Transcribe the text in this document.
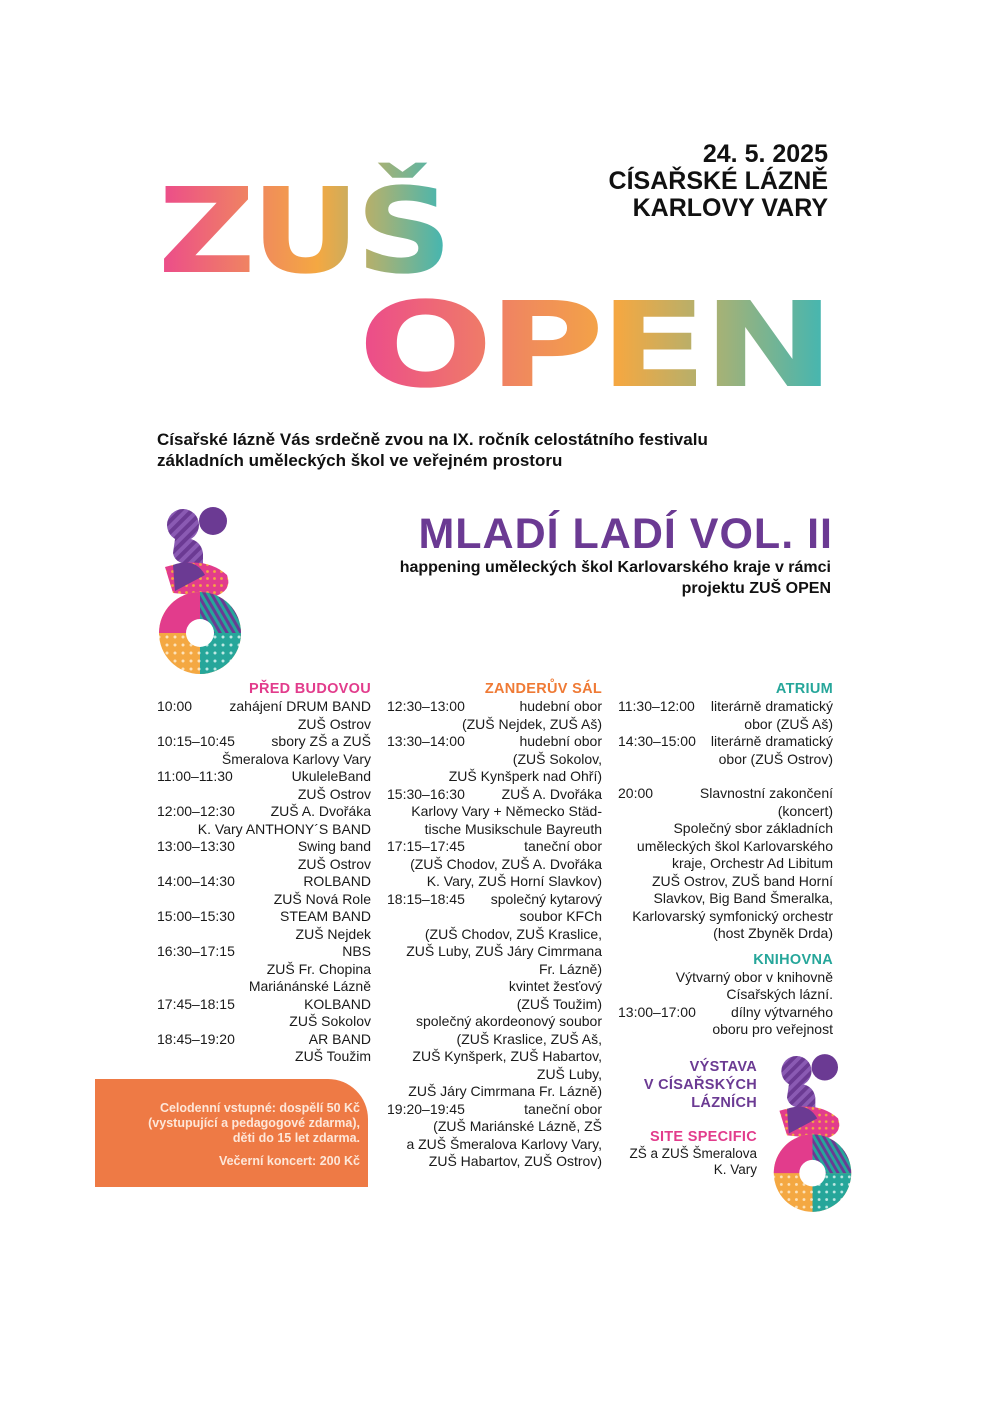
24. 5. 2025
CÍSAŘSKÉ LÁZNĚ
KARLOVY VARY
ZUŠ
OPEN
Císařské lázně Vás srdečně zvou na IX. ročník celostátního festivalu
základních uměleckých škol ve veřejném prostoru
MLADÍ LADÍ VOL. II
happening uměleckých škol Karlovarského kraje v rámci
projektu ZUŠ OPEN
PŘED BUDOVOU
10:00	zahájení DRUM BAND
ZUŠ Ostrov
10:15–10:45	sbory ZŠ a ZUŠ
Šmeralova Karlovy Vary
11:00–11:30	UkuleleBand
ZUŠ Ostrov
12:00–12:30	ZUŠ A. Dvořáka
K. Vary ANTHONY´S BAND
13:00–13:30	Swing band
ZUŠ Ostrov
14:00–14:30	ROLBAND
ZUŠ Nová Role
15:00–15:30	STEAM BAND
ZUŠ Nejdek
16:30–17:15	NBS
ZUŠ Fr. Chopina
Mariánánské Lázně
17:45–18:15	KOLBAND
ZUŠ Sokolov
18:45–19:20	AR BAND
ZUŠ Toužim
ZANDERŮV SÁL
12:30–13:00	hudební obor
(ZUŠ Nejdek, ZUŠ Aš)
13:30–14:00	hudební obor
(ZUŠ Sokolov,
ZUŠ Kynšperk nad Ohří)
15:30–16:30	ZUŠ A. Dvořáka
Karlovy Vary + Německo Städ-
tische Musikschule Bayreuth
17:15–17:45	taneční obor
(ZUŠ Chodov, ZUŠ A. Dvořáka
K. Vary, ZUŠ Horní Slavkov)
18:15–18:45 společný kytarový
soubor KFCh
(ZUŠ Chodov, ZUŠ Kraslice,
ZUŠ Luby, ZUŠ Járy Cimrmana
Fr. Lázně)
kvintet žesťový
(ZUŠ Toužim)
společný akordeonový soubor
(ZUŠ Kraslice, ZUŠ Aš,
ZUŠ Kynšperk, ZUŠ Habartov,
ZUŠ Luby,
ZUŠ Járy Cimrmana Fr. Lázně)
19:20–19:45	taneční obor
(ZUŠ Mariánské Lázně, ZŠ
a ZUŠ Šmeralova Karlovy Vary,
ZUŠ Habartov, ZUŠ Ostrov)
ATRIUM
11:30–12:00 literárně dramatický
obor (ZUŠ Aš)
14:30–15:00 literárně dramatický
obor (ZUŠ Ostrov)
20:00	Slavnostní zakončení
(koncert)
Společný sbor základních
uměleckých škol Karlovarského
kraje, Orchestr Ad Libitum
ZUŠ Ostrov, ZUŠ band Horní
Slavkov, Big Band Šmeralka,
Karlovarský symfonický orchestr
(host Zbyněk Drda)
KNIHOVNA
Výtvarný obor v knihovně
Císařských lázní.
13:00–17:00	dílny výtvarného
oboru pro veřejnost
Celodenní vstupné: dospělí 50 Kč
(vystupující a pedagogové zdarma),
děti do 15 let zdarma.
Večerní koncert: 200 Kč
VÝSTAVA
V CÍSAŘSKÝCH
LÁZNÍCH
SITE SPECIFIC
ZŠ a ZUŠ Šmeralova
K. Vary
